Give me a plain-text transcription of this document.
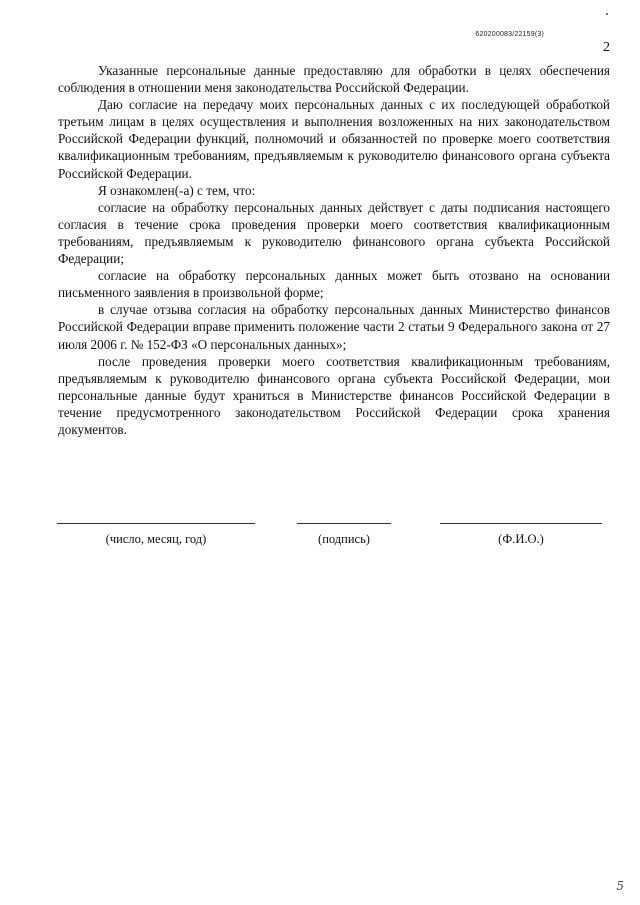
620200083/22159(3)
2

Указанные персональные данные предоставляю для обработки в целях обеспечения соблюдения в отношении меня законодательства Российской Федерации.

Даю согласие на передачу моих персональных данных с их последующей обработкой третьим лицам в целях осуществления и выполнения возложенных на них законодательством Российской Федерации функций, полномочий и обязанностей по проверке моего соответствия квалификационным требованиям, предъявляемым к руководителю финансового органа субъекта Российской Федерации.

Я ознакомлен(-а) с тем, что:

согласие на обработку персональных данных действует с даты подписания настоящего согласия в течение срока проведения проверки моего соответствия квалификационным требованиям, предъявляемым к руководителю финансового органа субъекта Российской Федерации;

согласие на обработку персональных данных может быть отозвано на основании письменного заявления в произвольной форме;

в случае отзыва согласия на обработку персональных данных Министерство финансов Российской Федерации вправе применить положение части 2 статьи 9 Федерального закона от 27 июля 2006 г. № 152-ФЗ «О персональных данных»;

после проведения проверки моего соответствия квалификационным требованиям, предъявляемым к руководителю финансового органа субъекта Российской Федерации, мои персональные данные будут храниться в Министерстве финансов Российской Федерации в течение предусмотренного законодательством Российской Федерации срока хранения документов.

(число, месяц, год)	(подпись)	(Ф.И.О.)
5
